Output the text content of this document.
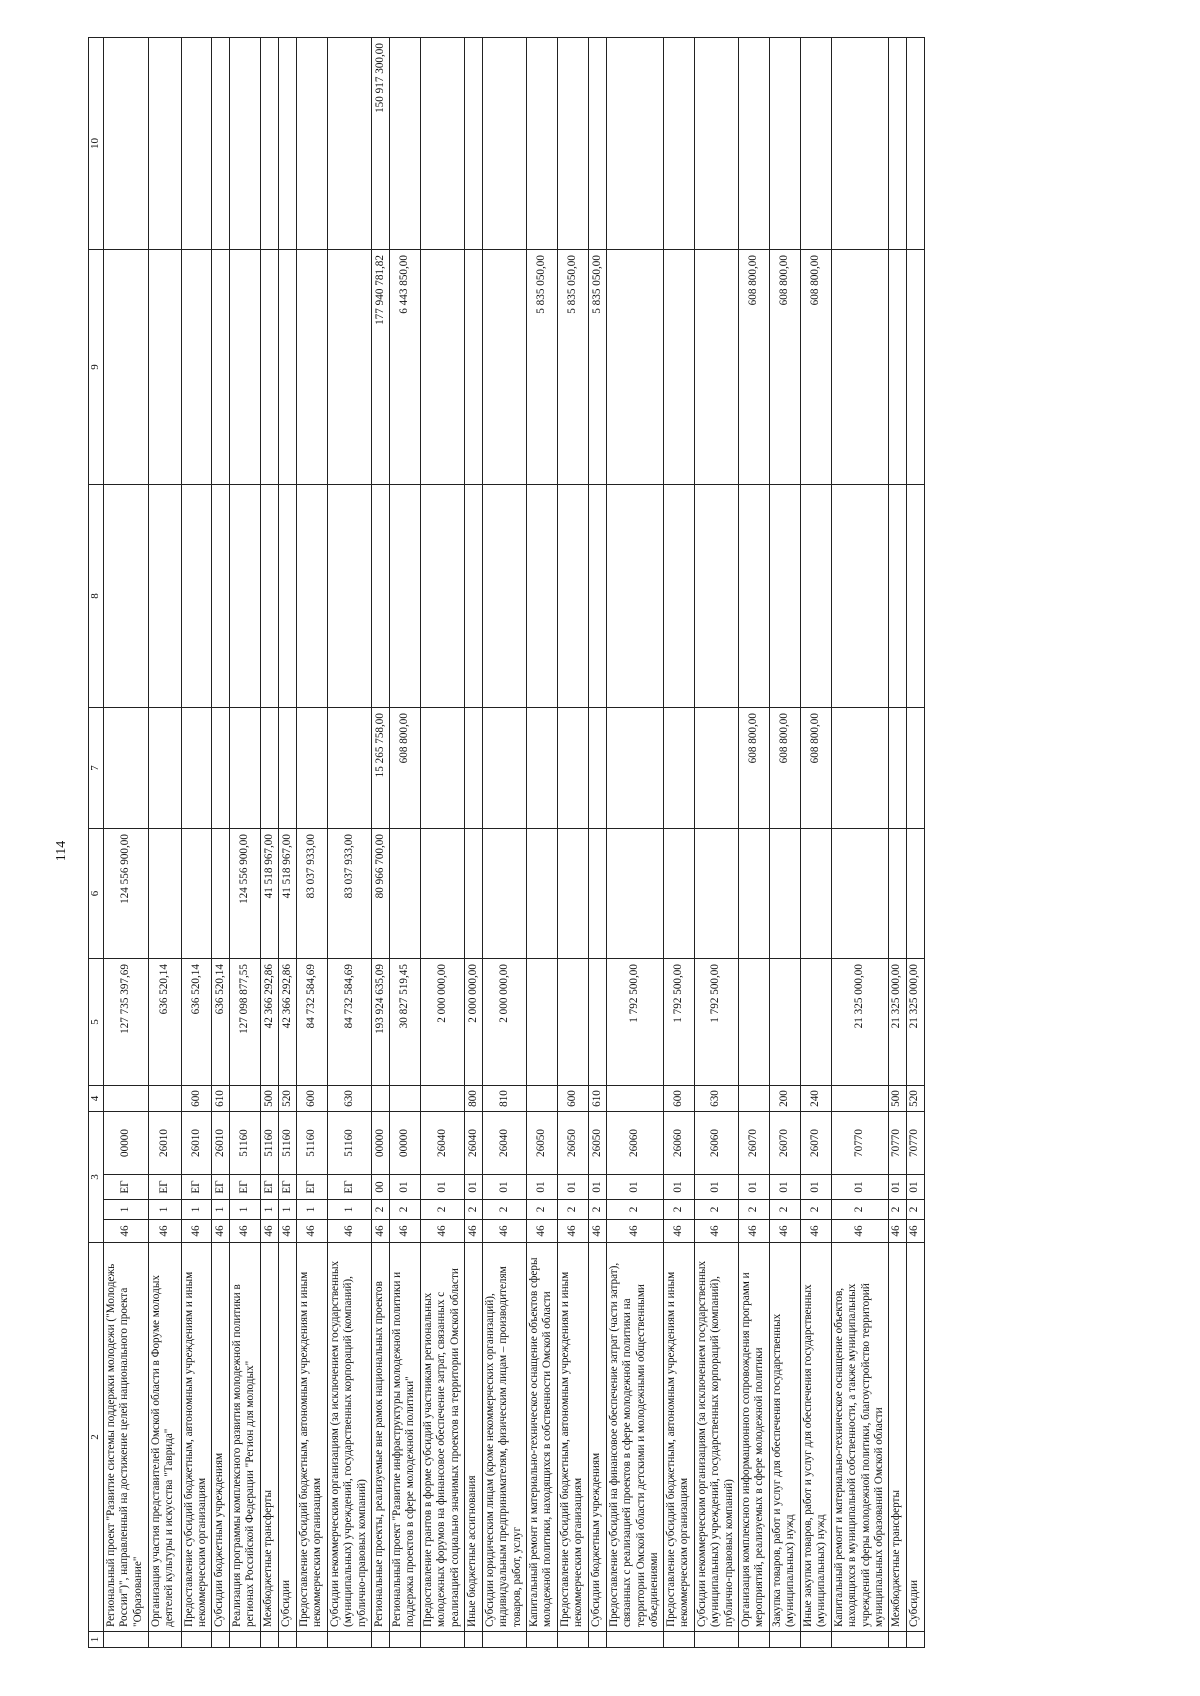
114
1	2	3				4	5	6	7	8	9	10
	Региональный проект "Развитие системы поддержки молодежи ("Молодежь России")", направленный на достижение целей национального проекта "Образование"	46	1	ЕГ	00000		127 735 397,69	124 556 900,00				
	Организация участия представителей Омской области в Форуме молодых деятелей культуры и искусства "Таврида"	46	1	ЕГ	26010		636 520,14					
	Предоставление субсидий бюджетным, автономным учреждениям и иным некоммерческим организациям	46	1	ЕГ	26010	600	636 520,14					
	Субсидии бюджетным учреждениям	46	1	ЕГ	26010	610	636 520,14					
	Реализация программы комплексного развития молодежной политики в регионах Российской Федерации "Регион для молодых"	46	1	ЕГ	51160		127 098 877,55	124 556 900,00				
	Межбюджетные трансферты	46	1	ЕГ	51160	500	42 366 292,86	41 518 967,00				
	Субсидии	46	1	ЕГ	51160	520	42 366 292,86	41 518 967,00				
	Предоставление субсидий бюджетным, автономным учреждениям и иным некоммерческим организациям	46	1	ЕГ	51160	600	84 732 584,69	83 037 933,00				
	Субсидии некоммерческим организациям (за исключением государственных (муниципальных) учреждений, государственных корпораций (компаний), публично-правовых компаний)	46	1	ЕГ	51160	630	84 732 584,69	83 037 933,00				
	Региональные проекты, реализуемые вне рамок национальных проектов	46	2	00	00000		193 924 635,09	80 966 700,00	15 265 758,00		177 940 781,82	150 917 300,00
	Региональный проект "Развитие инфраструктуры молодежной политики и поддержка проектов в сфере молодежной политики"	46	2	01	00000		30 827 519,45		608 800,00		6 443 850,00	
	Предоставление грантов в форме субсидий участникам региональных молодежных форумов на финансовое обеспечение затрат, связанных с реализацией социально значимых проектов на территории Омской области	46	2	01	26040		2 000 000,00					
	Иные бюджетные ассигнования	46	2	01	26040	800	2 000 000,00					
	Субсидии юридическим лицам (кроме некоммерческих организаций), индивидуальным предпринимателям, физическим лицам – производителям товаров, работ, услуг	46	2	01	26040	810	2 000 000,00					
	Капитальный ремонт и материально-техническое оснащение объектов сферы молодежной политики, находящихся в собственности Омской области	46	2	01	26050						5 835 050,00	
	Предоставление субсидий бюджетным, автономным учреждениям и иным некоммерческим организациям	46	2	01	26050	600					5 835 050,00	
	Субсидии бюджетным учреждениям	46	2	01	26050	610					5 835 050,00	
	Предоставление субсидий на финансовое обеспечение затрат (части затрат), связанных с реализацией проектов в сфере молодежной политики на территории Омской области детскими и молодежными общественными объединениями	46	2	01	26060		1 792 500,00					
	Предоставление субсидий бюджетным, автономным учреждениям и иным некоммерческим организациям	46	2	01	26060	600	1 792 500,00					
	Субсидии некоммерческим организациям (за исключением государственных (муниципальных) учреждений, государственных корпораций (компаний), публично-правовых компаний)	46	2	01	26060	630	1 792 500,00					
	Организация комплексного информационного сопровождения программ и мероприятий, реализуемых в сфере молодежной политики	46	2	01	26070				608 800,00		608 800,00	
	Закупка товаров, работ и услуг для обеспечения государственных (муниципальных) нужд	46	2	01	26070	200			608 800,00		608 800,00	
	Иные закупки товаров, работ и услуг для обеспечения государственных (муниципальных) нужд	46	2	01	26070	240			608 800,00		608 800,00	
	Капитальный ремонт и материально-техническое оснащение объектов, находящихся в муниципальной собственности, а также муниципальных учреждений сферы молодежной политики, благоустройство территорий муниципальных образований Омской области	46	2	01	70770		21 325 000,00					
	Межбюджетные трансферты	46	2	01	70770	500	21 325 000,00					
	Субсидии	46	2	01	70770	520	21 325 000,00					
